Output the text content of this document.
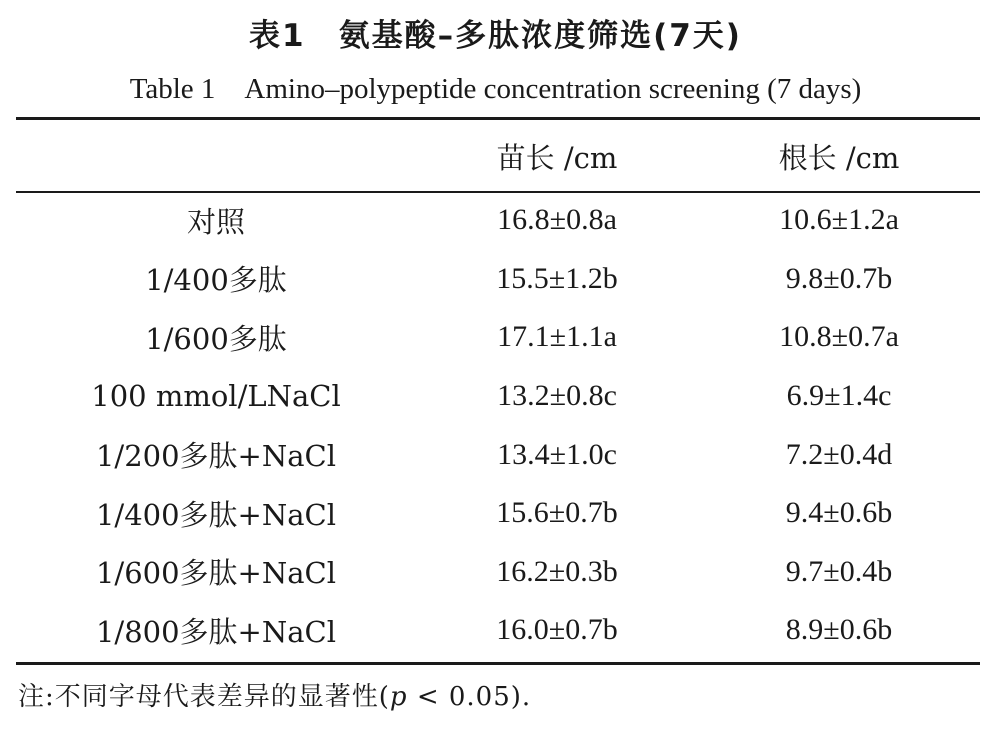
表1　氨基酸–多肽浓度筛选(7天)
Table 1　Amino–polypeptide concentration screening (7 days)
	苗长 /cm	根长 /cm
对照	16.8±0.8a	10.6±1.2a
1/400多肽	15.5±1.2b	9.8±0.7b
1/600多肽	17.1±1.1a	10.8±0.7a
100 mmol/LNaCl	13.2±0.8c	6.9±1.4c
1/200多肽+NaCl	13.4±1.0c	7.2±0.4d
1/400多肽+NaCl	15.6±0.7b	9.4±0.6b
1/600多肽+NaCl	16.2±0.3b	9.7±0.4b
1/800多肽+NaCl	16.0±0.7b	8.9±0.6b
注:不同字母代表差异的显著性(p < 0.05).
